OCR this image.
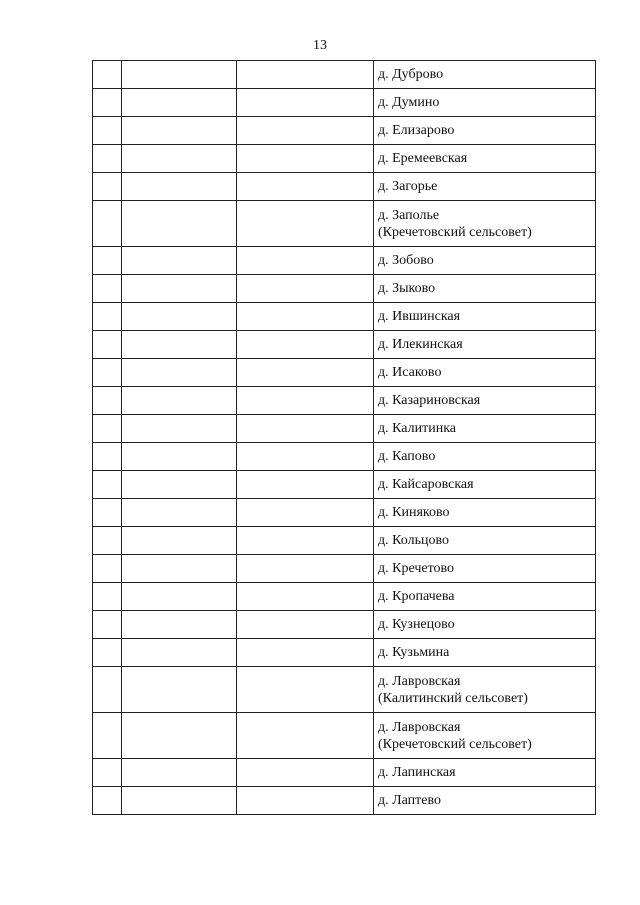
13

			д. Дуброво

			д. Думино

			д. Елизарово

			д. Еремеевская

			д. Загорье

			д. Заполье
(Кречетовский сельсовет)

			д. Зобово

			д. Зыково

			д. Ившинская

			д. Илекинская

			д. Исаково

			д. Казариновская

			д. Калитинка

			д. Капово

			д. Кайсаровская

			д. Киняково

			д. Кольцово

			д. Кречетово

			д. Кропачева

			д. Кузнецово

			д. Кузьмина

			д. Лавровская
(Калитинский сельсовет)

			д. Лавровская
(Кречетовский сельсовет)

			д. Лапинская

			д. Лаптево
